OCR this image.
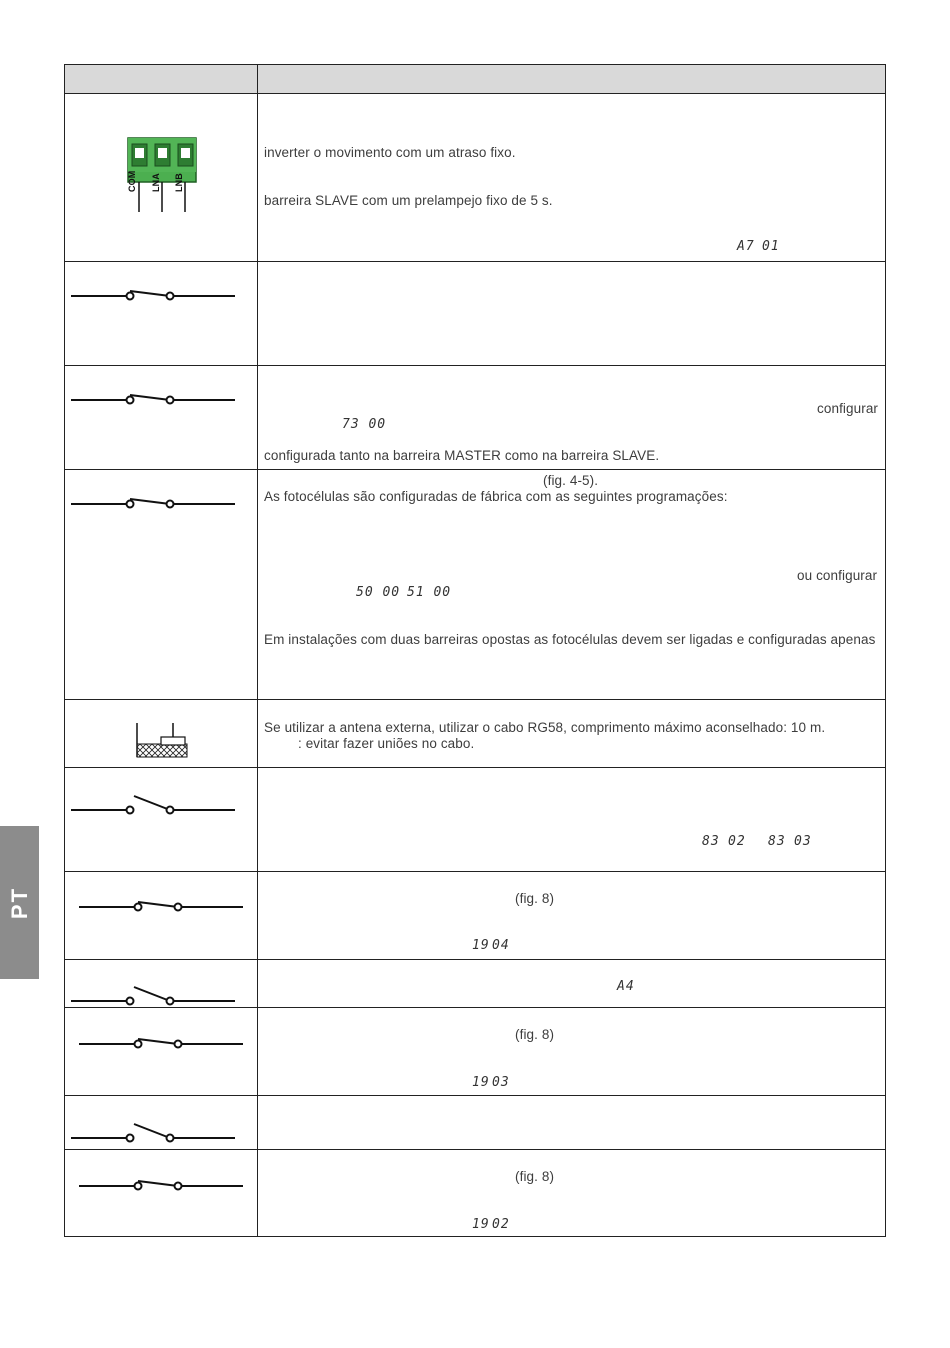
PT
COM	LNA	LNB
inverter o movimento com um atraso fixo.
barreira SLAVE com um prelampejo fixo de 5 s.
A7 01
configurar
73 00
configurada tanto na barreira MASTER como na barreira SLAVE.
(fig. 4-5).
As fotocélulas são configuradas de fábrica com as seguintes programações:
ou configurar
50 00 51 00
Em instalações com duas barreiras opostas as fotocélulas devem ser ligadas e configuradas apenas
Se utilizar a antena externa, utilizar o cabo RG58, comprimento máximo aconselhado: 10 m.
: evitar fazer uniões no cabo.
83 02 83 03
(fig. 8)
19 04
A4
(fig. 8)
19 03
(fig. 8)
19 02
